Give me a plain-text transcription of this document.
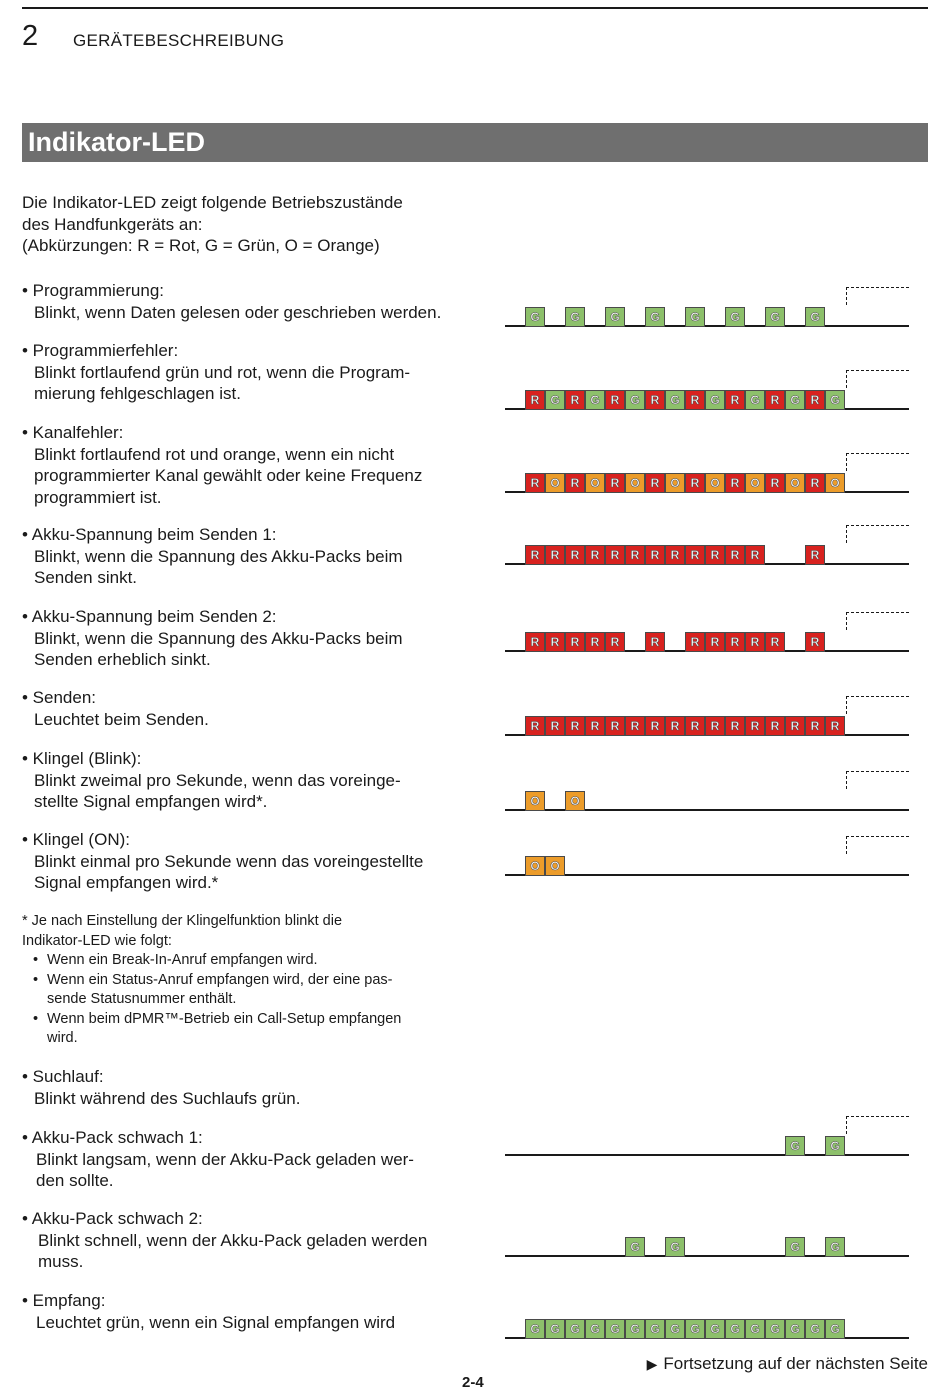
2 GERÄTEBESCHREIBUNG
Indikator-LED
Die Indikator-LED zeigt folgende Betriebszustände
des Handfunkgeräts an:
(Abkürzungen: R = Rot, G = Grün, O = Orange)
• Programmierung:
Blinkt, wenn Daten gelesen oder geschrieben werden.
• Programmierfehler:
Blinkt fortlaufend grün und rot, wenn die Program-
mierung fehlgeschlagen ist.
• Kanalfehler:
Blinkt fortlaufend rot und orange, wenn ein nicht
programmierter Kanal gewählt oder keine Frequenz
programmiert ist.
• Akku-Spannung beim Senden 1:
Blinkt, wenn die Spannung des Akku-Packs beim
Senden sinkt.
• Akku-Spannung beim Senden 2:
Blinkt, wenn die Spannung des Akku-Packs beim
Senden erheblich sinkt.
• Senden:
Leuchtet beim Senden.
• Klingel (Blink):
Blinkt zweimal pro Sekunde, wenn das voreinge-
stellte Signal empfangen wird*.
• Klingel (ON):
Blinkt einmal pro Sekunde wenn das voreingestellte
Signal empfangen wird.*
* Je nach Einstellung der Klingelfunktion blinkt die
Indikator-LED wie folgt:
• Wenn ein Break-In-Anruf empfangen wird.
• Wenn ein Status-Anruf empfangen wird, der eine pas-
sende Statusnummer enthält.
• Wenn beim dPMR™-Betrieb ein Call-Setup empfangen
wird.
• Suchlauf:
Blinkt während des Suchlaufs grün.
• Akku-Pack schwach 1:
Blinkt langsam, wenn der Akku-Pack geladen wer-
den sollte.
• Akku-Pack schwach 2:
Blinkt schnell, wenn der Akku-Pack geladen werden
muss.
• Empfang:
Leuchtet grün, wenn ein Signal empfangen wird
G	G	G	G	G	G	G	G
R G R G R G R G R G R G R G R G
R O R O R O R O R O R O R O R O
R R R R R R R R R R R R	R
R R R R R	R	R R R R R	R
R R R R R R R R R R R R R R R R
O	O
O O
G	G
G	G	G	G
G G G G G G G G G G G G G G G G
▶ Fortsetzung auf der nächsten Seite
2-4
